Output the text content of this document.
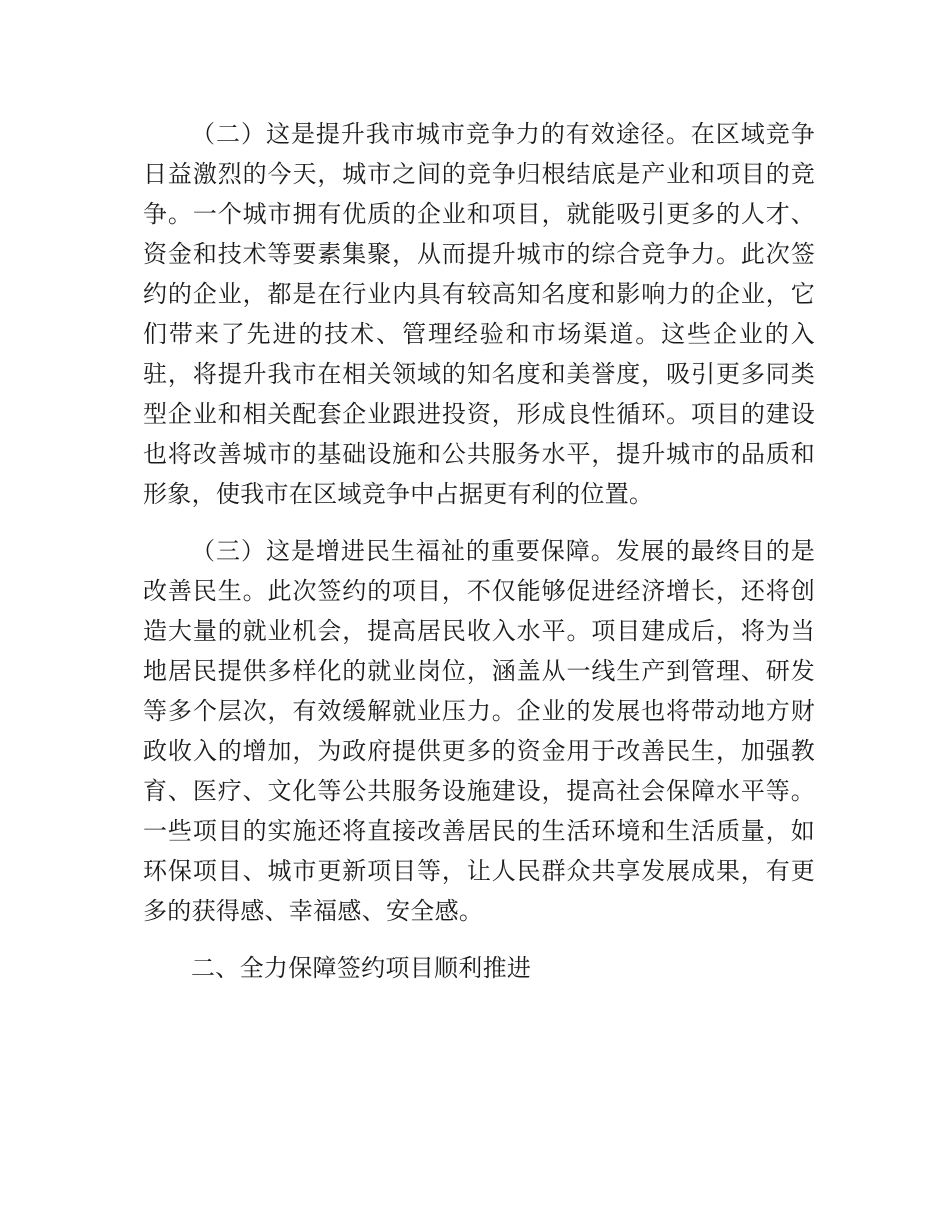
（二）这是提升我市城市竞争力的有效途径。在区域竞争日益激烈的今天，城市之间的竞争归根结底是产业和项目的竞争。一个城市拥有优质的企业和项目，就能吸引更多的人才、资金和技术等要素集聚，从而提升城市的综合竞争力。此次签约的企业，都是在行业内具有较高知名度和影响力的企业，它们带来了先进的技术、管理经验和市场渠道。这些企业的入驻，将提升我市在相关领域的知名度和美誉度，吸引更多同类型企业和相关配套企业跟进投资，形成良性循环。项目的建设也将改善城市的基础设施和公共服务水平，提升城市的品质和形象，使我市在区域竞争中占据更有利的位置。

（三）这是增进民生福祉的重要保障。发展的最终目的是改善民生。此次签约的项目，不仅能够促进经济增长，还将创造大量的就业机会，提高居民收入水平。项目建成后，将为当地居民提供多样化的就业岗位，涵盖从一线生产到管理、研发等多个层次，有效缓解就业压力。企业的发展也将带动地方财政收入的增加，为政府提供更多的资金用于改善民生，加强教育、医疗、文化等公共服务设施建设，提高社会保障水平等。一些项目的实施还将直接改善居民的生活环境和生活质量，如环保项目、城市更新项目等，让人民群众共享发展成果，有更多的获得感、幸福感、安全感。

二、全力保障签约项目顺利推进
